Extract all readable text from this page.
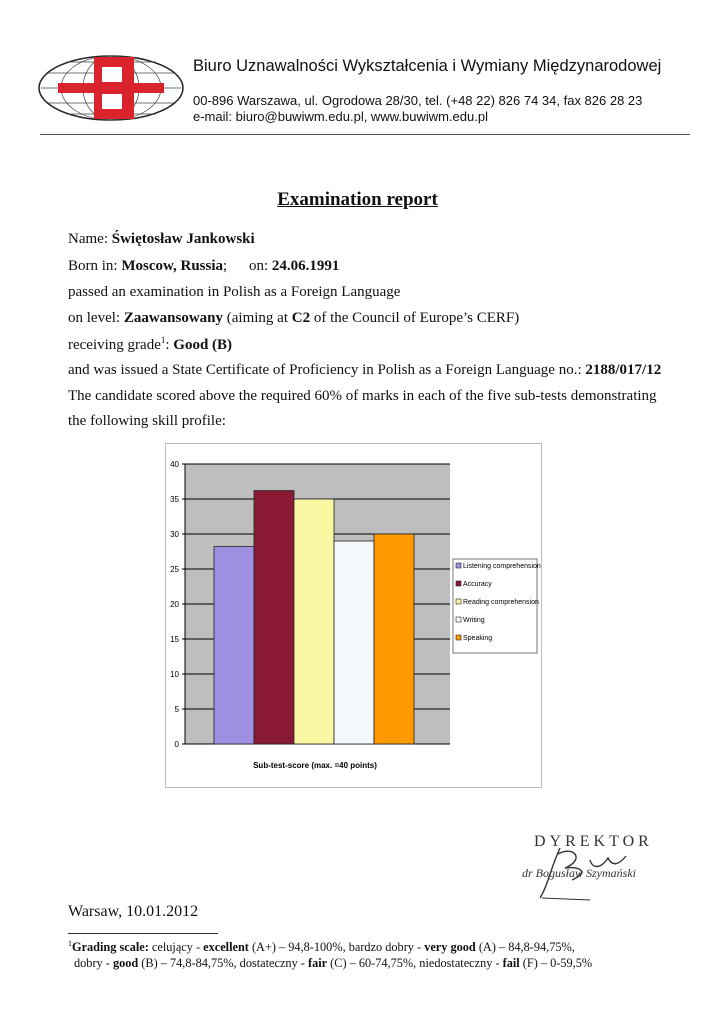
Biuro Uznawalności Wykształcenia i Wymiany Międzynarodowej
00-896 Warszawa, ul. Ogrodowa 28/30, tel. (+48 22) 826 74 34, fax 826 28 23
e-mail: biuro@buwiwm.edu.pl, www.buwiwm.edu.pl
Examination report
Name: Świętosław Jankowski
Born in: Moscow, Russia; on: 24.06.1991
passed an examination in Polish as a Foreign Language
on level: Zaawansowany (aiming at C2 of the Council of Europe’s CERF)
receiving grade$^1$: Good (B)
and was issued a State Certificate of Proficiency in Polish as a Foreign Language no.: 2188/017/12
The candidate scored above the required 60% of marks in each of the five sub-tests demonstrating
the following skill profile:
0
5
10
15
20
25
30
35
40
Listening comprehension
Accuracy
Reading comprehension
Writing
Speaking
Sub-test-score (max. =40 points)
DYREKTOR
dr Bogusław Szymański
Warsaw, 10.01.2012
$^1$Grading scale: celujący - excellent (A+) – 94,8-100%, bardzo dobry - very good (A) – 84,8-94,75%,
dobry - good (B) – 74,8-84,75%, dostateczny - fair (C) – 60-74,75%, niedostateczny - fail (F) – 0-59,5%
